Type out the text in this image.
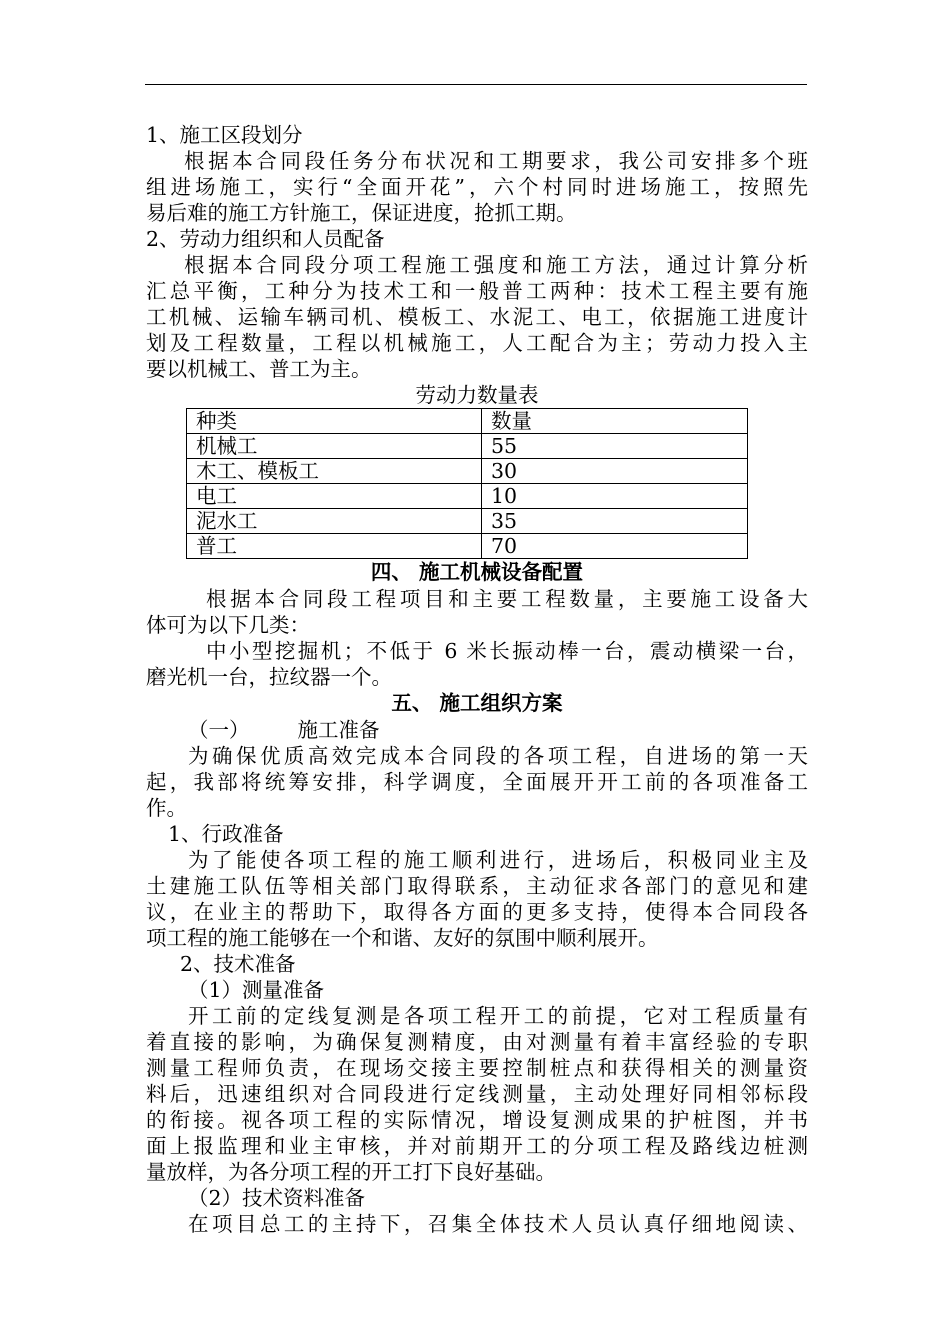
1、施工区段划分
根据本合同段任务分布状况和工期要求，我公司安排多个班
组进场施工，实行“全面开花”，六个村同时进场施工，按照先
易后难的施工方针施工，保证进度，抢抓工期。
2、劳动力组织和人员配备
根据本合同段分项工程施工强度和施工方法，通过计算分析
汇总平衡，工种分为技术工和一般普工两种：技术工程主要有施
工机械、运输车辆司机、模板工、水泥工、电工，依据施工进度计
划及工程数量，工程以机械施工，人工配合为主；劳动力投入主
要以机械工、普工为主。
劳动力数量表
种类	数量
机械工	55
木工、模板工	30
电工	10
泥水工	35
普工	70
四、 施工机械设备配置
根据本合同段工程项目和主要工程数量，主要施工设备大
体可为以下几类：
中小型挖掘机；不低于 6 米长振动棒一台，震动横梁一台，
磨光机一台，拉纹器一个。
五、 施工组织方案
（一） 施工准备
为确保优质高效完成本合同段的各项工程，自进场的第一天
起，我部将统筹安排，科学调度，全面展开开工前的各项准备工
作。
1、行政准备
为了能使各项工程的施工顺利进行，进场后，积极同业主及
土建施工队伍等相关部门取得联系，主动征求各部门的意见和建
议，在业主的帮助下，取得各方面的更多支持，使得本合同段各
项工程的施工能够在一个和谐、友好的氛围中顺利展开。
2、技术准备
（1）测量准备
开工前的定线复测是各项工程开工的前提，它对工程质量有
着直接的影响，为确保复测精度，由对测量有着丰富经验的专职
测量工程师负责，在现场交接主要控制桩点和获得相关的测量资
料后，迅速组织对合同段进行定线测量，主动处理好同相邻标段
的衔接。视各项工程的实际情况，增设复测成果的护桩图，并书
面上报监理和业主审核，并对前期开工的分项工程及路线边桩测
量放样，为各分项工程的开工打下良好基础。
（2）技术资料准备
在项目总工的主持下，召集全体技术人员认真仔细地阅读、
